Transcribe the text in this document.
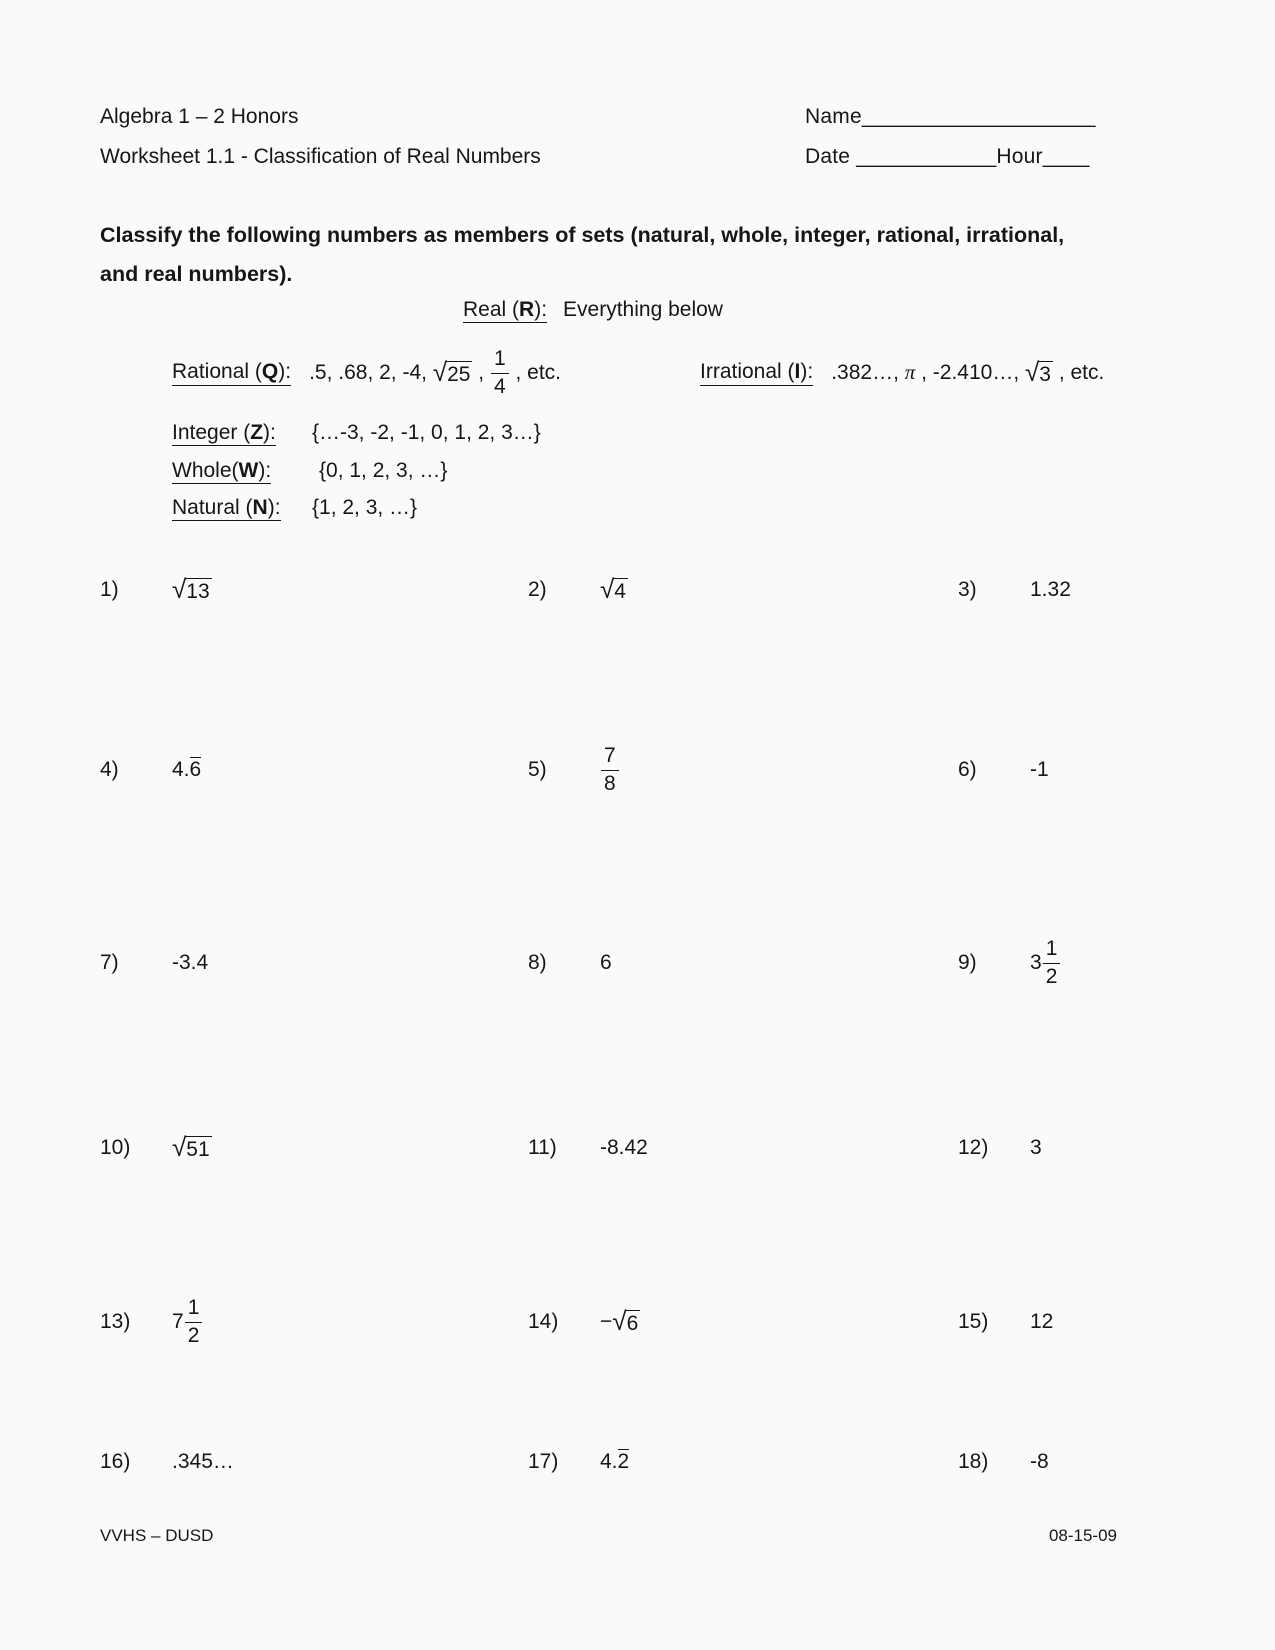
Algebra 1 – 2 Honors
Worksheet 1.1 - Classification of Real Numbers
Name____________________
Date ____________Hour____
Classify the following numbers as members of sets (natural, whole, integer, rational, irrational,
and real numbers).
Real (R): Everything below
Rational (Q): .5, .68, 2, -4, √ 25 , $\frac{1}{4}$ , etc.	Irrational (I): .382…, π , -2.410…, √ 3 , etc.
Integer (Z):	{…-3, -2, -1, 0, 1, 2, 3…}
Whole(W):	{0, 1, 2, 3, …}
Natural (N):	{1, 2, 3, …}
1)	√ 13	2)	√ 4	3)	1.32
4)	4. 6	5)	$\frac{7}{8}$	6)	-1
7)	-3.4	8)	6	9)	$3 \frac{1}{2}$
10)	√ 51	11)	-8.42	12)	3
13)	$7 \frac{1}{2}$	14)	− √ 6	15)	12
16)	.345…	17)	4. 2	18)	-8
VVHS – DUSD	08-15-09
